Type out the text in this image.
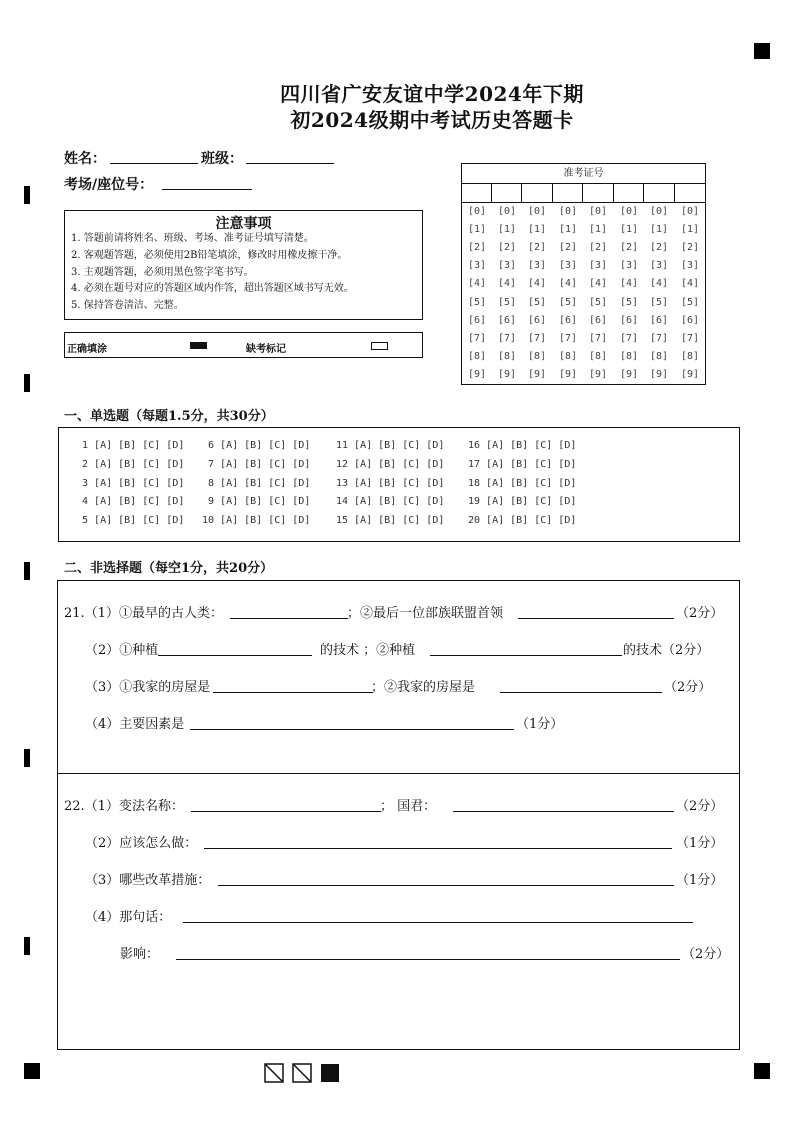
四川省广安友谊中学2024年下期
初2024级期中考试历史答题卡
姓名：	班级：
考场/座位号：
注意事项
1. 答题前请将姓名、班级、考场、准考证号填写清楚。
2. 客观题答题，必须使用2B铅笔填涂，修改时用橡皮擦干净。
3. 主观题答题，必须用黑色签字笔书写。
4. 必须在题号对应的答题区域内作答，超出答题区域书写无效。
5. 保持答卷清洁、完整。
正确填涂	缺考标记
准考证号
[0]	[0]	[0]	[0]	[0]	[0]	[0]	[0]
[1]	[1]	[1]	[1]	[1]	[1]	[1]	[1]
[2]	[2]	[2]	[2]	[2]	[2]	[2]	[2]
[3]	[3]	[3]	[3]	[3]	[3]	[3]	[3]
[4]	[4]	[4]	[4]	[4]	[4]	[4]	[4]
[5]	[5]	[5]	[5]	[5]	[5]	[5]	[5]
[6]	[6]	[6]	[6]	[6]	[6]	[6]	[6]
[7]	[7]	[7]	[7]	[7]	[7]	[7]	[7]
[8]	[8]	[8]	[8]	[8]	[8]	[8]	[8]
[9]	[9]	[9]	[9]	[9]	[9]	[9]	[9]
一、单选题（每题1.5分，共30分）
1 [A] [B] [C] [D]
2 [A] [B] [C] [D]
3 [A] [B] [C] [D]
4 [A] [B] [C] [D]
5 [A] [B] [C] [D]
6 [A] [B] [C] [D]
7 [A] [B] [C] [D]
8 [A] [B] [C] [D]
9 [A] [B] [C] [D]
10 [A] [B] [C] [D]
11 [A] [B] [C] [D]
12 [A] [B] [C] [D]
13 [A] [B] [C] [D]
14 [A] [B] [C] [D]
15 [A] [B] [C] [D]
16 [A] [B] [C] [D]
17 [A] [B] [C] [D]
18 [A] [B] [C] [D]
19 [A] [B] [C] [D]
20 [A] [B] [C] [D]
二、非选择题（每空1分，共20分）
21.（1）①最早的古人类：	；②最后一位部族联盟首领	（2分）
（2）①种植	的技术 ；②种植	的技术（2分）
（3）①我家的房屋是	；②我家的房屋是	（2分）
（4）主要因素是	（1分）
22.（1）变法名称：	； 国君：	（2分）
（2）应该怎么做：	（1分）
（3）哪些改革措施：	（1分）
（4）那句话：
影响：	（2分）
